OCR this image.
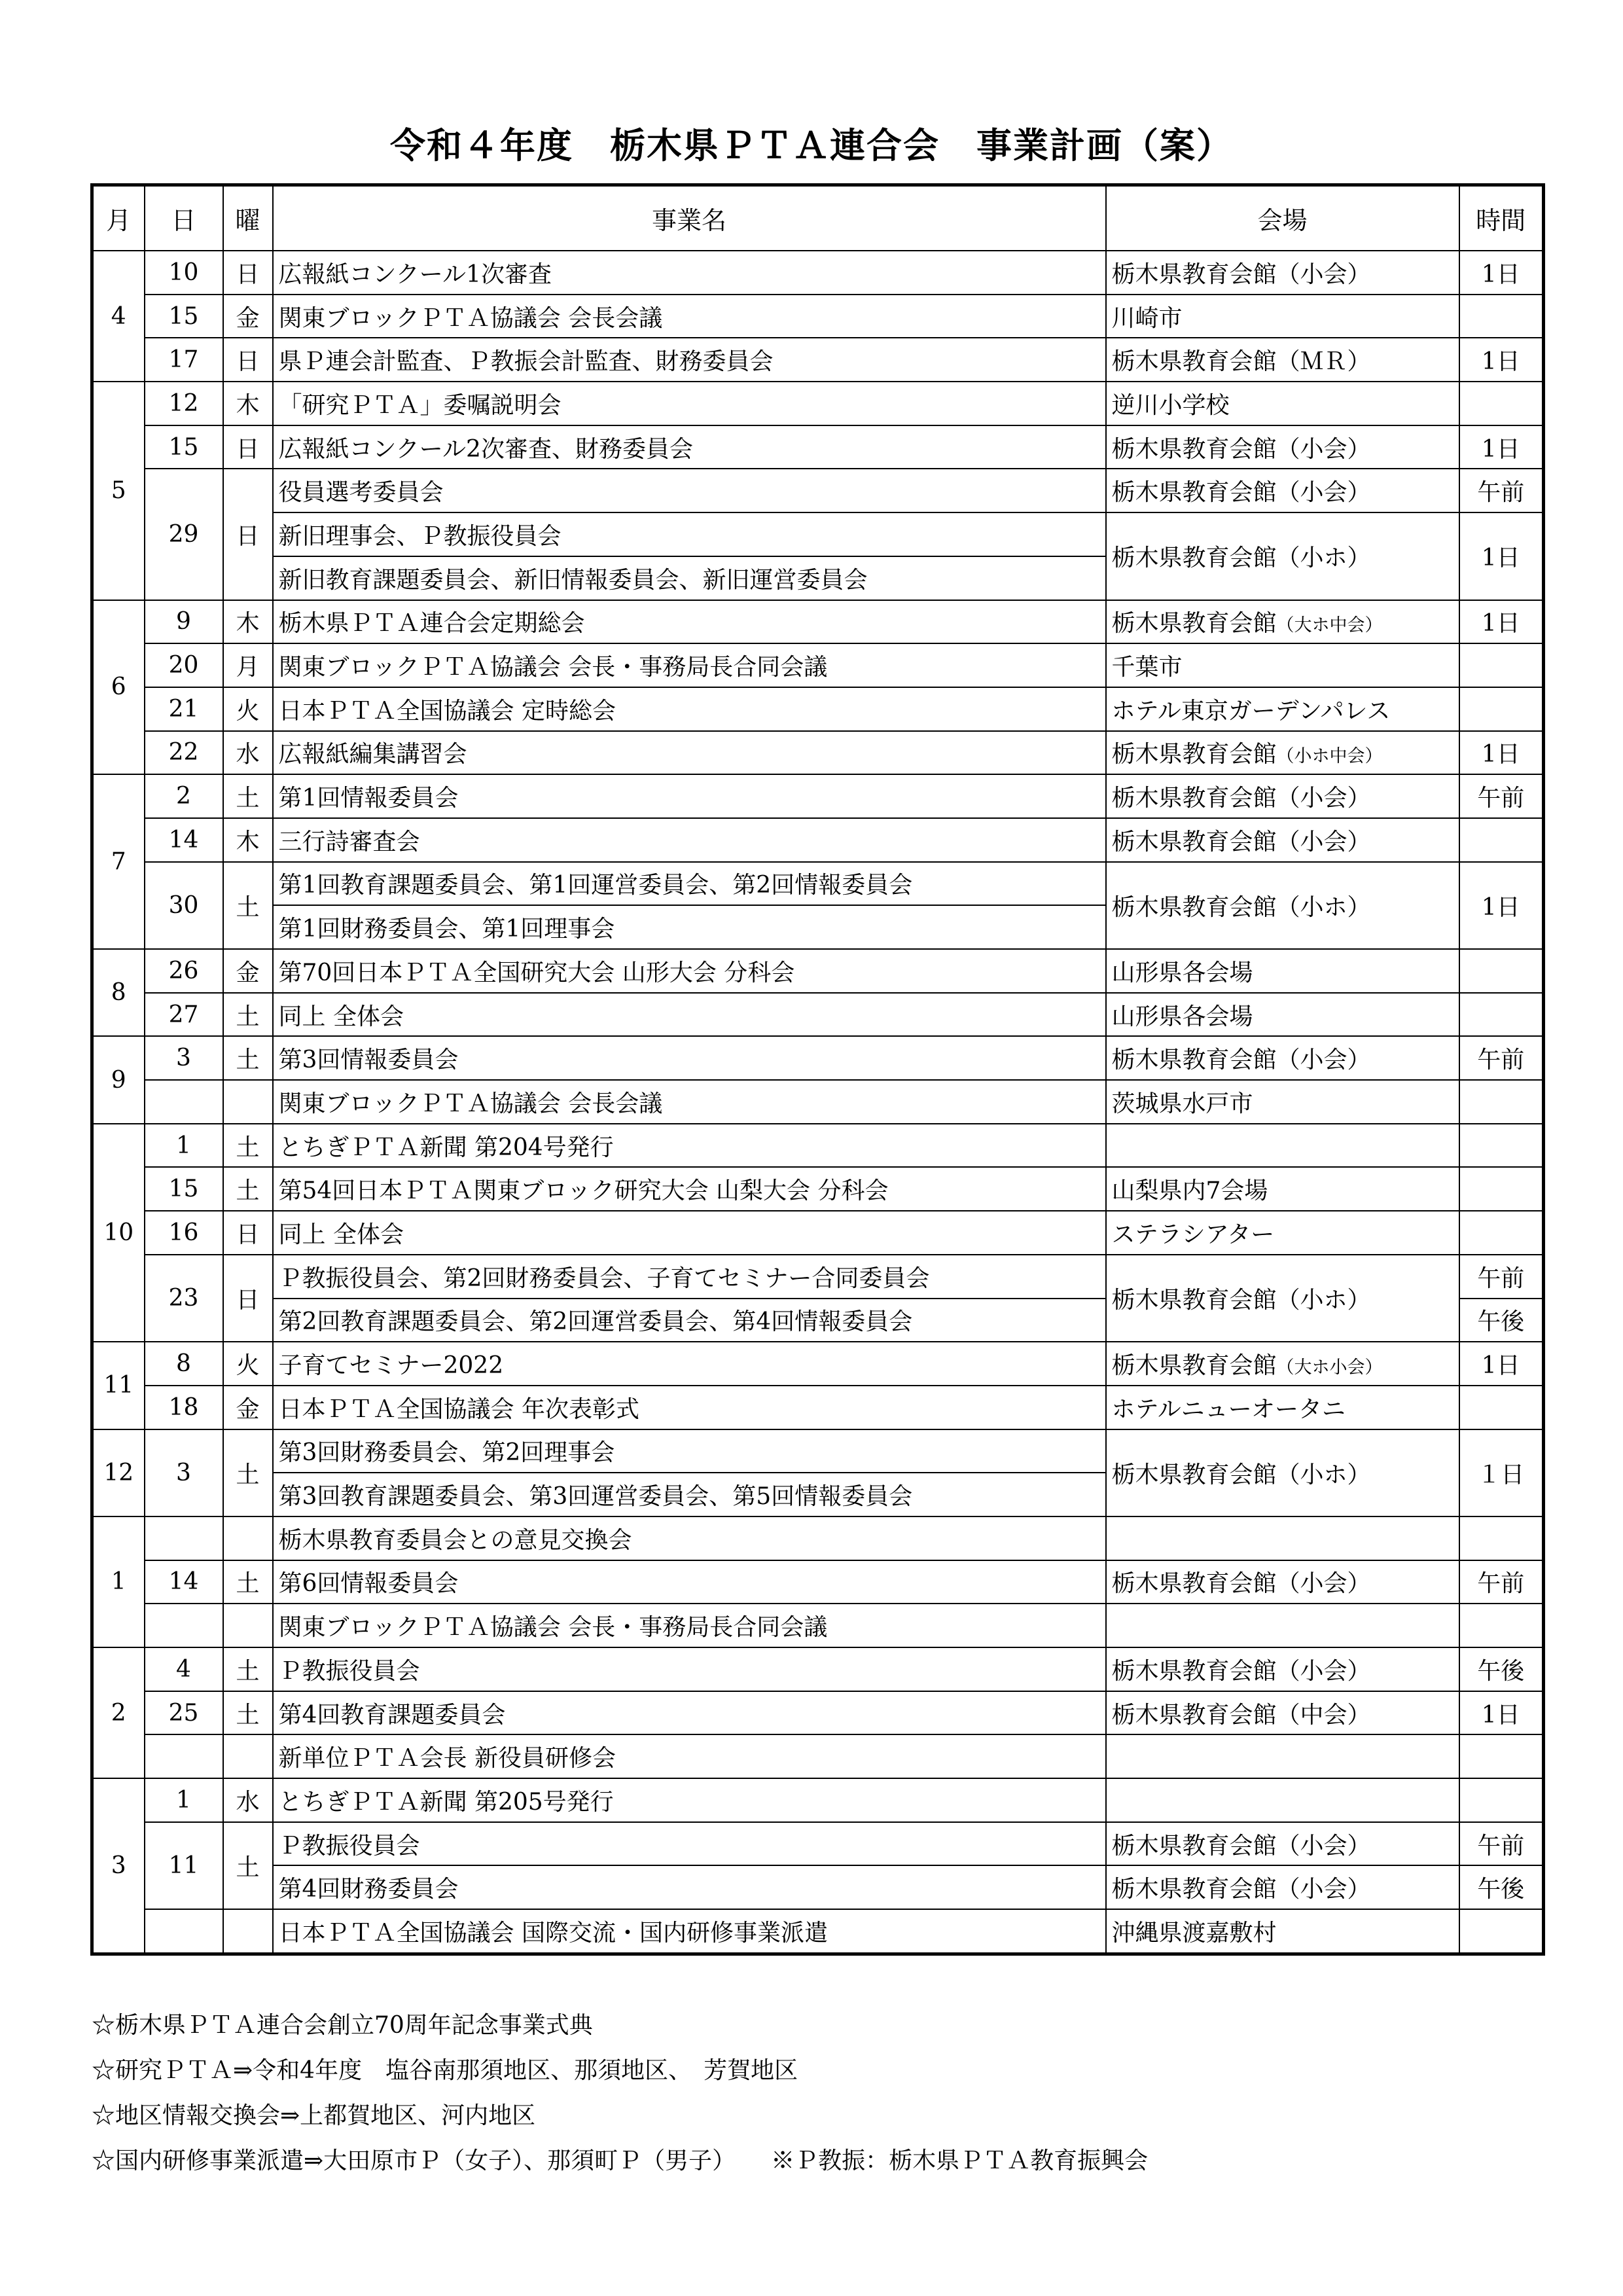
令和４年度　栃木県ＰＴＡ連合会　事業計画（案）
月	日	曜	事業名	会場	時間
4	10	日	広報紙コンクール1次審査	栃木県教育会館（小会）	1日
	15	金	関東ブロックＰＴＡ協議会 会長会議	川崎市	
	17	日	県Ｐ連会計監査、Ｐ教振会計監査、財務委員会	栃木県教育会館（ＭＲ）	1日
5	12	木	「研究ＰＴＡ」委嘱説明会	逆川小学校	
	15	日	広報紙コンクール2次審査、財務委員会	栃木県教育会館（小会）	1日
	29	日	役員選考委員会	栃木県教育会館（小会）	午前
			新旧理事会、Ｐ教振役員会	栃木県教育会館（小ホ）	1日
			新旧教育課題委員会、新旧情報委員会、新旧運営委員会		
6	9	木	栃木県ＰＴＡ連合会定期総会	栃木県教育会館（大ホ中会）	1日
	20	月	関東ブロックＰＴＡ協議会 会長・事務局長合同会議	千葉市	
	21	火	日本ＰＴＡ全国協議会 定時総会	ホテル東京ガーデンパレス	
	22	水	広報紙編集講習会	栃木県教育会館（小ホ中会）	1日
7	2	土	第1回情報委員会	栃木県教育会館（小会）	午前
	14	木	三行詩審査会	栃木県教育会館（小会）	
	30	土	第1回教育課題委員会、第1回運営委員会、第2回情報委員会	栃木県教育会館（小ホ）	1日
			第1回財務委員会、第1回理事会		
8	26	金	第70回日本ＰＴＡ全国研究大会 山形大会 分科会	山形県各会場	
	27	土	同上 全体会	山形県各会場	
9	3	土	第3回情報委員会	栃木県教育会館（小会）	午前
			関東ブロックＰＴＡ協議会 会長会議	茨城県水戸市	
10	1	土	とちぎＰＴＡ新聞 第204号発行		
	15	土	第54回日本ＰＴＡ関東ブロック研究大会 山梨大会 分科会	山梨県内7会場	
	16	日	同上 全体会	ステラシアター	
	23	日	Ｐ教振役員会、第2回財務委員会、子育てセミナー合同委員会	栃木県教育会館（小ホ）	午前
			第2回教育課題委員会、第2回運営委員会、第4回情報委員会		午後
11	8	火	子育てセミナー2022	栃木県教育会館（大ホ小会）	1日
	18	金	日本ＰＴＡ全国協議会 年次表彰式	ホテルニューオータニ	
12	3	土	第3回財務委員会、第2回理事会	栃木県教育会館（小ホ）	１日
			第3回教育課題委員会、第3回運営委員会、第5回情報委員会		
1			栃木県教育委員会との意見交換会		
	14	土	第6回情報委員会	栃木県教育会館（小会）	午前
			関東ブロックＰＴＡ協議会 会長・事務局長合同会議		
2	4	土	Ｐ教振役員会	栃木県教育会館（小会）	午後
	25	土	第4回教育課題委員会	栃木県教育会館（中会）	1日
			新単位ＰＴＡ会長 新役員研修会		
3	1	水	とちぎＰＴＡ新聞 第205号発行		
	11	土	Ｐ教振役員会	栃木県教育会館（小会）	午前
			第4回財務委員会	栃木県教育会館（小会）	午後
			日本ＰＴＡ全国協議会 国際交流・国内研修事業派遣	沖縄県渡嘉敷村	
☆栃木県ＰＴＡ連合会創立70周年記念事業式典
☆研究ＰＴＡ⇒令和4年度　塩谷南那須地区、那須地区、　芳賀地区
☆地区情報交換会⇒上都賀地区、河内地区
☆国内研修事業派遣⇒大田原市Ｐ（女子）、那須町Ｐ（男子）　　※Ｐ教振：栃木県ＰＴＡ教育振興会
